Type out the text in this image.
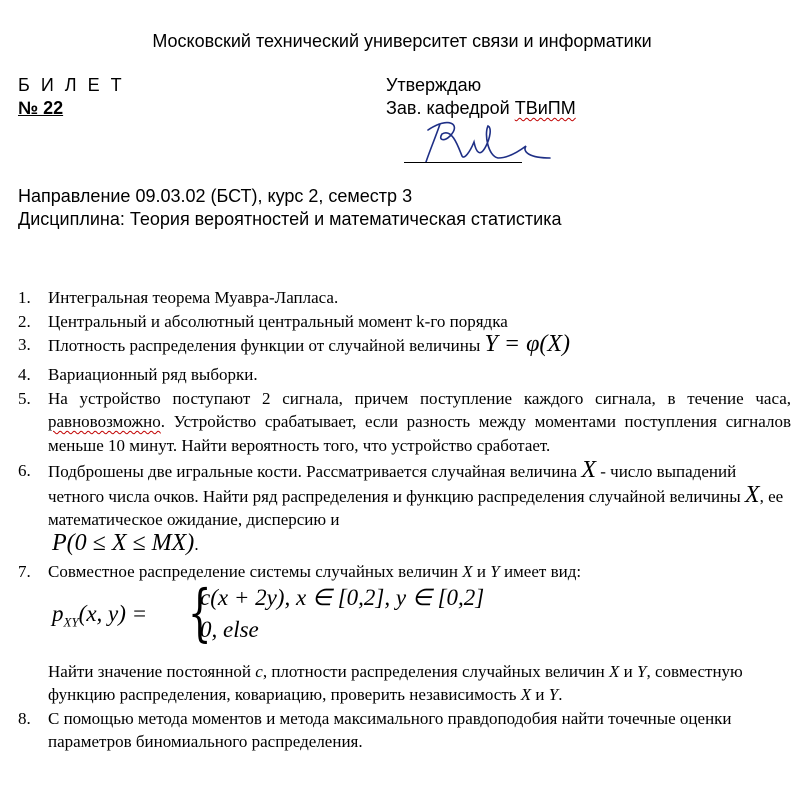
Московский технический университет связи и информатики
Б И Л Е Т
№ 22
Утверждаю
Зав. кафедрой ТВиПМ
Направление 09.03.02 (БСТ), курс 2, семестр 3
Дисциплина: Теория вероятностей и математическая статистика
1. Интегральная теорема Муавра-Лапласа.
2. Центральный и абсолютный центральный момент k-го порядка
3. Плотность распределения функции от случайной величины Y = φ(X)
4. Вариационный ряд выборки.
5. На устройство поступают 2 сигнала, причем поступление каждого сигнала, в течение часа, равновозможно. Устройство срабатывает, если разность между моментами поступления сигналов меньше 10 минут. Найти вероятность того, что устройство сработает.
6. Подброшены две игральные кости. Рассматривается случайная величина X - число выпадений четного числа очков. Найти ряд распределения и функцию распределения случайной величины X, ее математическое ожидание, дисперсию и
P(0 ≤ X ≤ MX).
7. Совместное распределение системы случайных величин X и Y имеет вид:
$p_{XY}(x$, y) = {
c(x + 2y), x ∈ [0,2], y ∈ [0,2]
0, else
Найти значение постоянной c, плотности распределения случайных величин X и Y, совместную функцию распределения, ковариацию, проверить независимость X и Y.
8. С помощью метода моментов и метода максимального правдоподобия найти точечные оценки параметров биномиального распределения.
